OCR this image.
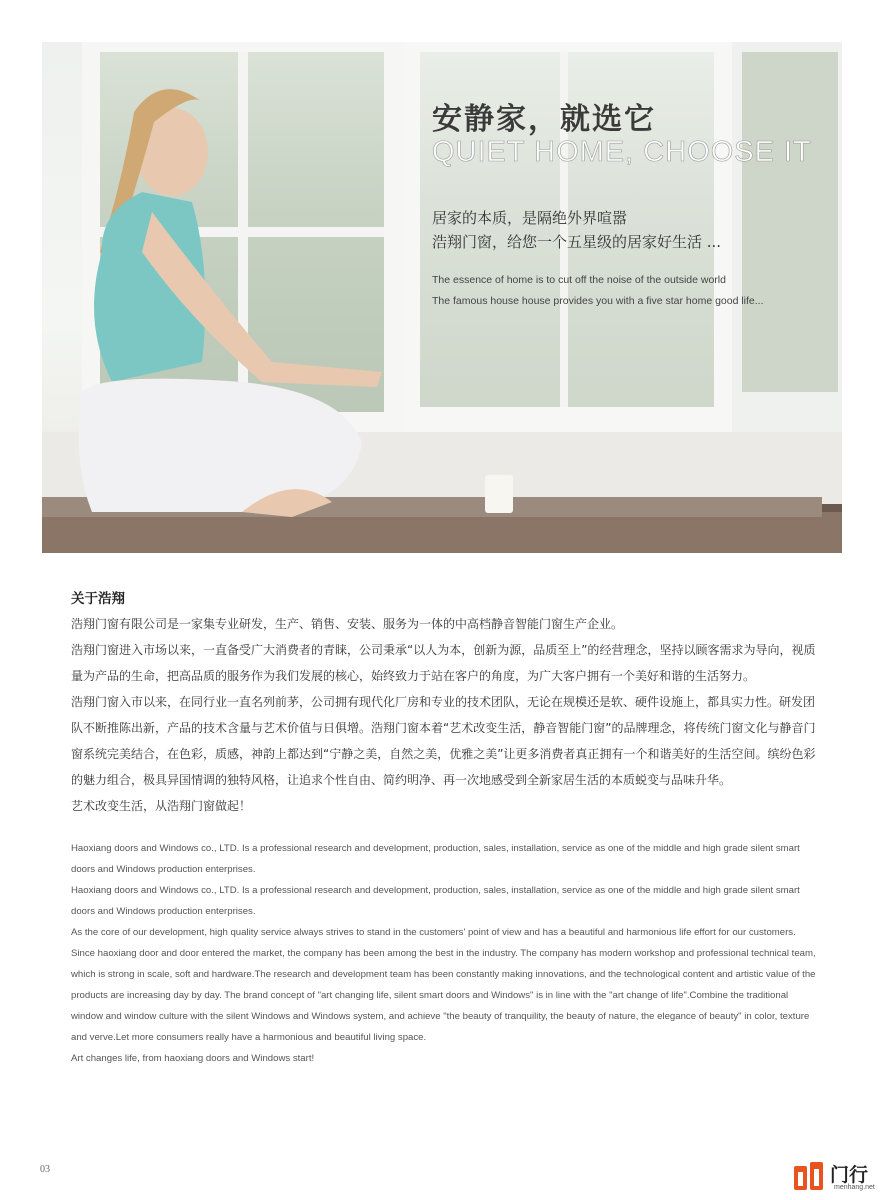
安静家，就选它
QUIET HOME, CHOOSE IT
居家的本质，是隔绝外界喧嚣
浩翔门窗，给您一个五星级的居家好生活 ...
The essence of home is to cut off the noise of the outside world
The famous house house provides you with a five star home good life...
关于浩翔

浩翔门窗有限公司是一家集专业研发，生产、销售、安装、服务为一体的中高档静音智能门窗生产企业。

浩翔门窗进入市场以来，一直备受广大消费者的青睐，公司秉承“以人为本，创新为源，品质至上”的经营理念，坚持以顾客需求为导向，视质量为产品的生命，把高品质的服务作为我们发展的核心，始终致力于站在客户的角度，为广大客户拥有一个美好和谐的生活努力。

浩翔门窗入市以来，在同行业一直名列前茅，公司拥有现代化厂房和专业的技术团队，无论在规模还是软、硬件设施上，都具实力性。研发团队不断推陈出新，产品的技术含量与艺术价值与日俱增。浩翔门窗本着“艺术改变生活，静音智能门窗”的品牌理念，将传统门窗文化与静音门窗系统完美结合，在色彩，质感，神韵上都达到“宁静之美，自然之美，优雅之美”让更多消费者真正拥有一个和谐美好的生活空间。缤纷色彩的魅力组合，极具异国情调的独特风格，让追求个性自由、简约明净、再一次地感受到全新家居生活的本质蜕变与品味升华。

艺术改变生活，从浩翔门窗做起！

Haoxiang doors and Windows co., LTD. Is a professional research and development, production, sales, installation, service as one of the middle and high grade silent smart doors and Windows production enterprises.

Haoxiang doors and Windows co., LTD. Is a professional research and development, production, sales, installation, service as one of the middle and high grade silent smart doors and Windows production enterprises.

As the core of our development, high quality service always strives to stand in the customers' point of view and has a beautiful and harmonious life effort for our customers.

Since haoxiang door and door entered the market, the company has been among the best in the industry. The company has modern workshop and professional technical team, which is strong in scale, soft and hardware.The research and development team has been constantly making innovations, and the technological content and artistic value of the products are increasing day by day. The brand concept of "art changing life, silent smart doors and Windows" is in line with the "art change of life".Combine the traditional window and window culture with the silent Windows and Windows system, and achieve "the beauty of tranquility, the beauty of nature, the elegance of beauty" in color, texture and verve.Let more consumers really have a harmonious and beautiful living space.

Art changes life, from haoxiang doors and Windows start!

03	门行
menhang.net
